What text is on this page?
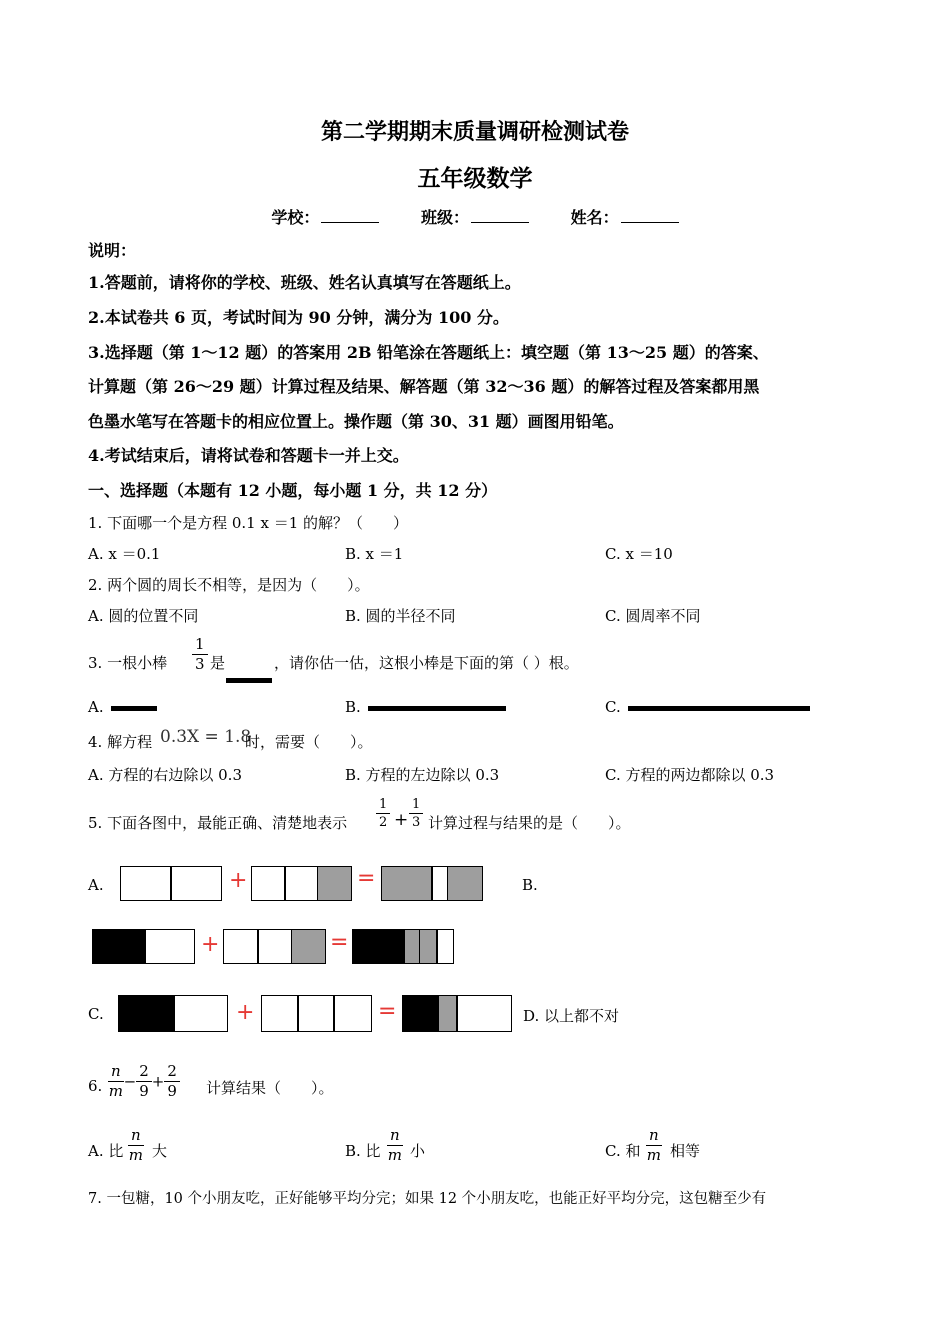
第二学期期末质量调研检测试卷
五年级数学
学校：	班级：	姓名：
说明：
1.答题前，请将你的学校、班级、姓名认真填写在答题纸上。
2.本试卷共 6 页，考试时间为 90 分钟，满分为 100 分。
3.选择题（第 1～12 题）的答案用 2B 铅笔涂在答题纸上：填空题（第 13～25 题）的答案、
计算题（第 26～29 题）计算过程及结果、解答题（第 32～36 题）的解答过程及答案都用黑
色墨水笔写在答题卡的相应位置上。操作题（第 30、31 题）画图用铅笔。
4.考试结束后，请将试卷和答题卡一并上交。
一、选择题（本题有 12 小题，每小题 1 分，共 12 分）
1. 下面哪一个是方程 0.1 x ＝1 的解？（　　）
A. x ＝0.1	B. x ＝1	C. x ＝10
2. 两个圆的周长不相等，是因为（　　）。
A. 圆的位置不同	B. 圆的半径不同	C. 圆周率不同
3. 一根小棒 $\frac{1}{3}$ 是	，请你估一估，这根小棒是下面的第（ ）根。
A.	B.	C.
4. 解方程 0.3X = 1.8
时，需要（　　）。
A. 方程的右边除以 0.3	B. 方程的左边除以 0.3	C. 方程的两边都除以 0.3
5. 下面各图中，最能正确、清楚地表示 $\frac{1}{2} + \frac{1}{3}$ 计算过程与结果的是（　　）。
A.	+	=	B.
+	=
C.	+	=	D. 以上都不对
6. $\frac{n}{m} - \frac{2}{9} + \frac{2}{9}$ 计算结果（　　）。
A. 比 $\frac{n}{m}$ 大	B. 比 $\frac{n}{m}$ 小	C. 和 $\frac{n}{m}$ 相等
7. 一包糖，10 个小朋友吃，正好能够平均分完；如果 12 个小朋友吃，也能正好平均分完，这包糖至少有
